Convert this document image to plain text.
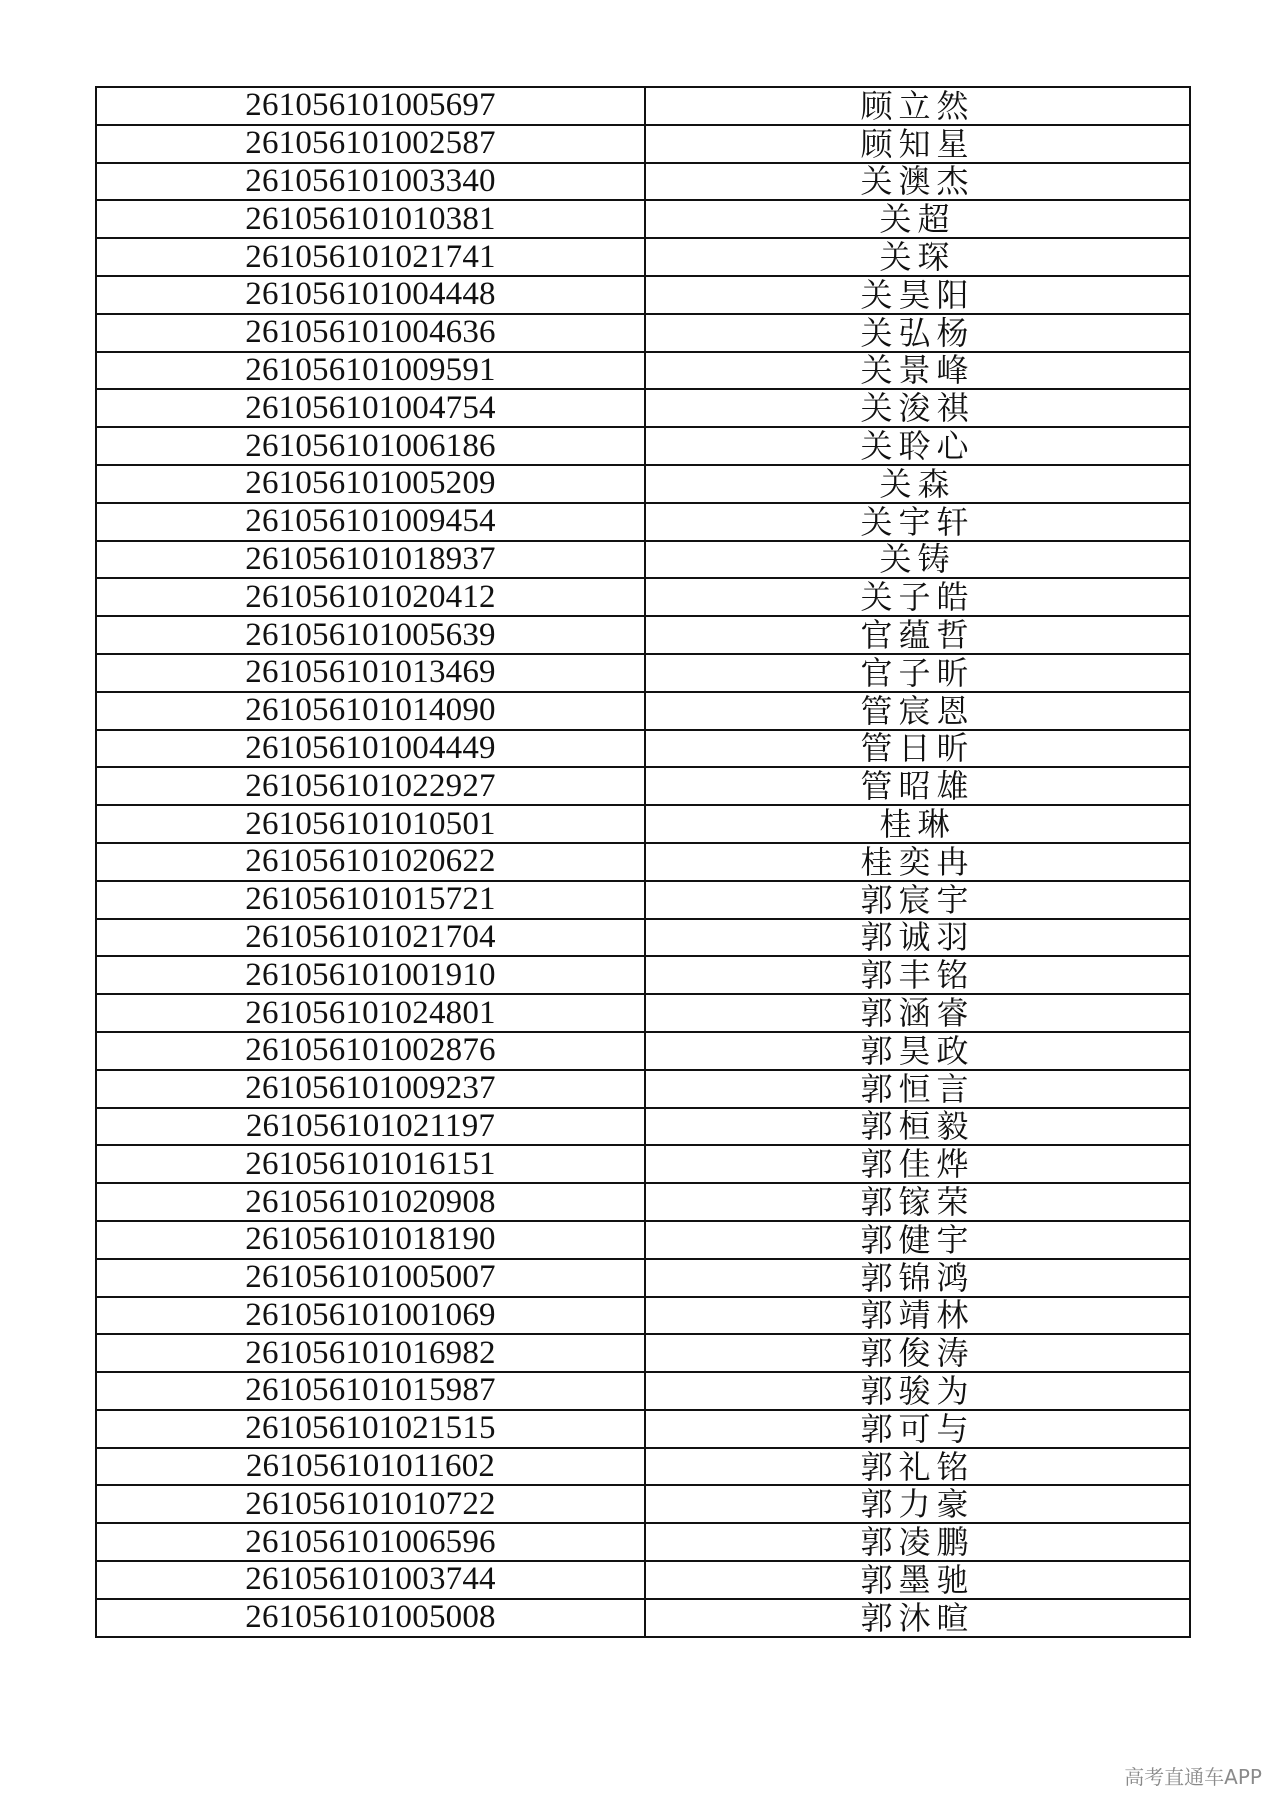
261056101005697	顾立然
261056101002587	顾知星
261056101003340	关澳杰
261056101010381	关超
261056101021741	关琛
261056101004448	关昊阳
261056101004636	关弘杨
261056101009591	关景峰
261056101004754	关浚祺
261056101006186	关聆心
261056101005209	关森
261056101009454	关宇轩
261056101018937	关铸
261056101020412	关子皓
261056101005639	官蕴哲
261056101013469	官子昕
261056101014090	管宸恩
261056101004449	管日昕
261056101022927	管昭雄
261056101010501	桂琳
261056101020622	桂奕冉
261056101015721	郭宸宇
261056101021704	郭诚羽
261056101001910	郭丰铭
261056101024801	郭涵睿
261056101002876	郭昊政
261056101009237	郭恒言
261056101021197	郭桓毅
261056101016151	郭佳烨
261056101020908	郭镓荣
261056101018190	郭健宇
261056101005007	郭锦鸿
261056101001069	郭靖林
261056101016982	郭俊涛
261056101015987	郭骏为
261056101021515	郭可与
261056101011602	郭礼铭
261056101010722	郭力豪
261056101006596	郭凌鹏
261056101003744	郭墨驰
261056101005008	郭沐暄
高考直通车APP
